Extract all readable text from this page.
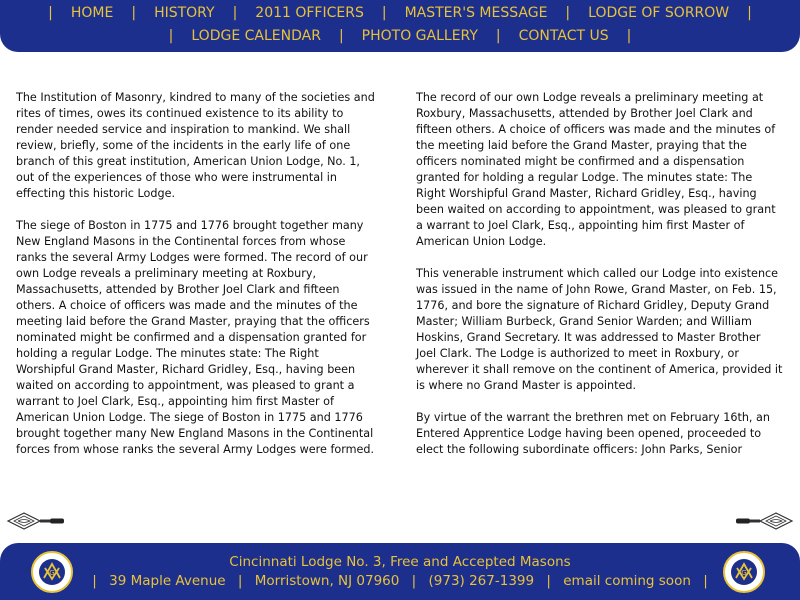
|	HOME	|	HISTORY	|	2011 OFFICERS	|	MASTER'S MESSAGE	|	LODGE OF SORROW	|
|	LODGE CALENDAR	|	PHOTO GALLERY	|	CONTACT US	|

The Institution of Masonry, kindred to many of the societies and rites of times, owes its continued existence to its ability to render needed service and inspiration to mankind. We shall review, briefly, some of the incidents in the early life of one branch of this great institution, American Union Lodge, No. 1, out of the experiences of those who were instrumental in effecting this historic Lodge.

The siege of Boston in 1775 and 1776 brought together many New England Masons in the Continental forces from whose ranks the several Army Lodges were formed. The record of our own Lodge reveals a preliminary meeting at Roxbury, Massachusetts, attended by Brother Joel Clark and fifteen others. A choice of officers was made and the minutes of the meeting laid before the Grand Master, praying that the officers nominated might be confirmed and a dispensation granted for holding a regular Lodge. The minutes state: The Right Worshipful Grand Master, Richard Gridley, Esq., having been waited on according to appointment, was pleased to grant a warrant to Joel Clark, Esq., appointing him first Master of American Union Lodge. The siege of Boston in 1775 and 1776 brought together many New England Masons in the Continental forces from whose ranks the several Army Lodges were formed.

The record of our own Lodge reveals a preliminary meeting at Roxbury, Massachusetts, attended by Brother Joel Clark and fifteen others. A choice of officers was made and the minutes of the meeting laid before the Grand Master, praying that the officers nominated might be confirmed and a dispensation granted for holding a regular Lodge. The minutes state: The Right Worshipful Grand Master, Richard Gridley, Esq., having been waited on according to appointment, was pleased to grant a warrant to Joel Clark, Esq., appointing him first Master of American Union Lodge.

This venerable instrument which called our Lodge into existence was issued in the name of John Rowe, Grand Master, on Feb. 15, 1776, and bore the signature of Richard Gridley, Deputy Grand Master; William Burbeck, Grand Senior Warden; and William Hoskins, Grand Secretary. It was addressed to Master Brother Joel Clark. The Lodge is authorized to meet in Roxbury, or wherever it shall remove on the continent of America, provided it is where no Grand Master is appointed.

By virtue of the warrant the brethren met on February 16th, an Entered Apprentice Lodge having been opened, proceeded to elect the following subordinate officers: John Parks, Senior

Cincinnati Lodge No. 3, Free and Accepted Masons
| 39 Maple Avenue | Morristown, NJ 07960 | (973) 267-1399 | email coming soon |
G	G
